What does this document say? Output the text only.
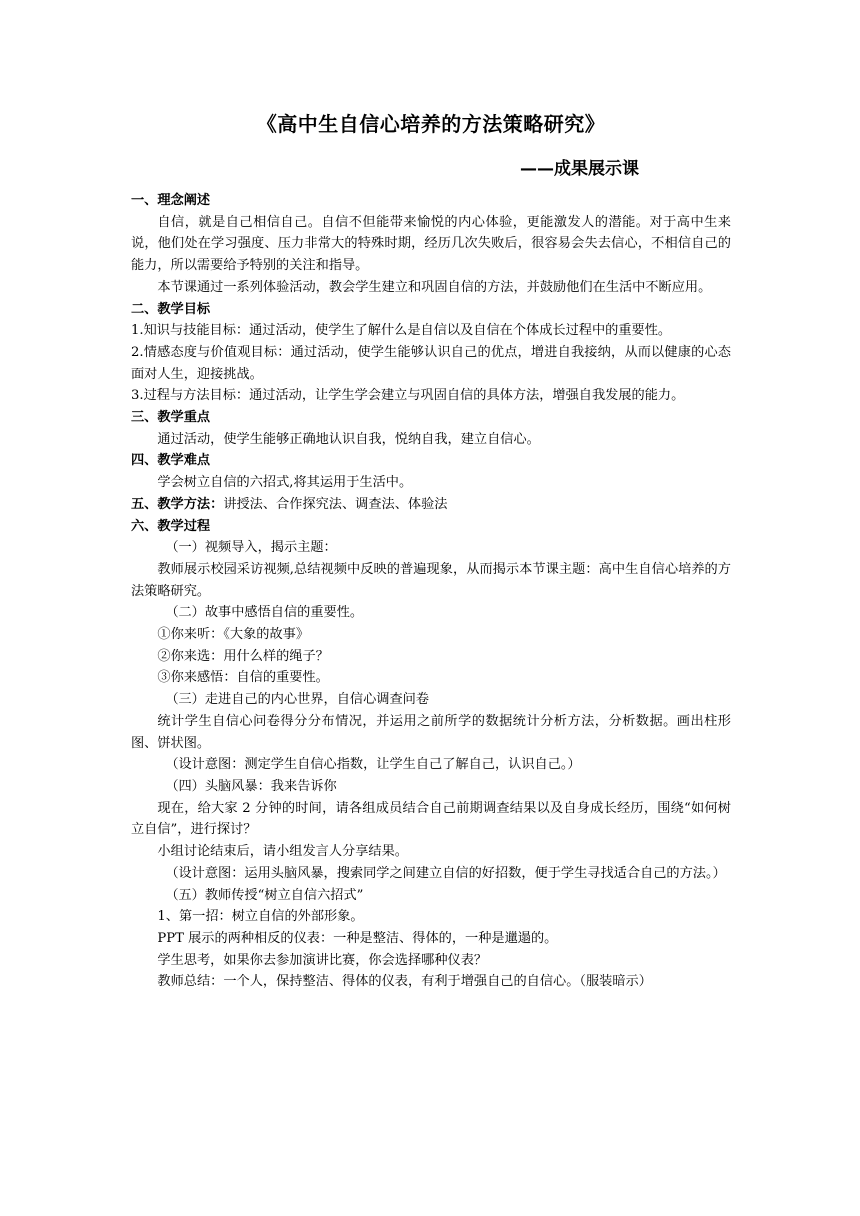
《高中生自信心培养的方法策略研究》
——成果展示课

一、理念阐述

自信，就是自己相信自己。自信不但能带来愉悦的内心体验，更能激发人的潜能。对于高中生来说，他们处在学习强度、压力非常大的特殊时期，经历几次失败后，很容易会失去信心，不相信自己的能力，所以需要给予特别的关注和指导。

本节课通过一系列体验活动，教会学生建立和巩固自信的方法，并鼓励他们在生活中不断应用。

二、教学目标

1.知识与技能目标：通过活动，使学生了解什么是自信以及自信在个体成长过程中的重要性。

2.情感态度与价值观目标：通过活动，使学生能够认识自己的优点，增进自我接纳，从而以健康的心态面对人生，迎接挑战。

3.过程与方法目标：通过活动，让学生学会建立与巩固自信的具体方法，增强自我发展的能力。

三、教学重点

通过活动，使学生能够正确地认识自我，悦纳自我，建立自信心。

四、教学难点

学会树立自信的六招式,将其运用于生活中。

五、教学方法：讲授法、合作探究法、调查法、体验法

六、教学过程

（一）视频导入，揭示主题：

教师展示校园采访视频,总结视频中反映的普遍现象，从而揭示本节课主题：高中生自信心培养的方法策略研究。

（二）故事中感悟自信的重要性。

①你来听：《大象的故事》

②你来选：用什么样的绳子？

③你来感悟：自信的重要性。

（三）走进自己的内心世界，自信心调查问卷

统计学生自信心问卷得分分布情况，并运用之前所学的数据统计分析方法，分析数据。画出柱形图、饼状图。

（设计意图：测定学生自信心指数，让学生自己了解自己，认识自己。）

（四）头脑风暴：我来告诉你

现在，给大家 2 分钟的时间，请各组成员结合自己前期调查结果以及自身成长经历，围绕“如何树立自信”，进行探讨？

小组讨论结束后，请小组发言人分享结果。

（设计意图：运用头脑风暴，搜索同学之间建立自信的好招数，便于学生寻找适合自己的方法。）

（五）教师传授“树立自信六招式”

1、第一招：树立自信的外部形象。

PPT 展示的两种相反的仪表：一种是整洁、得体的，一种是邋遢的。

学生思考，如果你去参加演讲比赛，你会选择哪种仪表？

教师总结：一个人，保持整洁、得体的仪表，有利于增强自己的自信心。（服装暗示）
